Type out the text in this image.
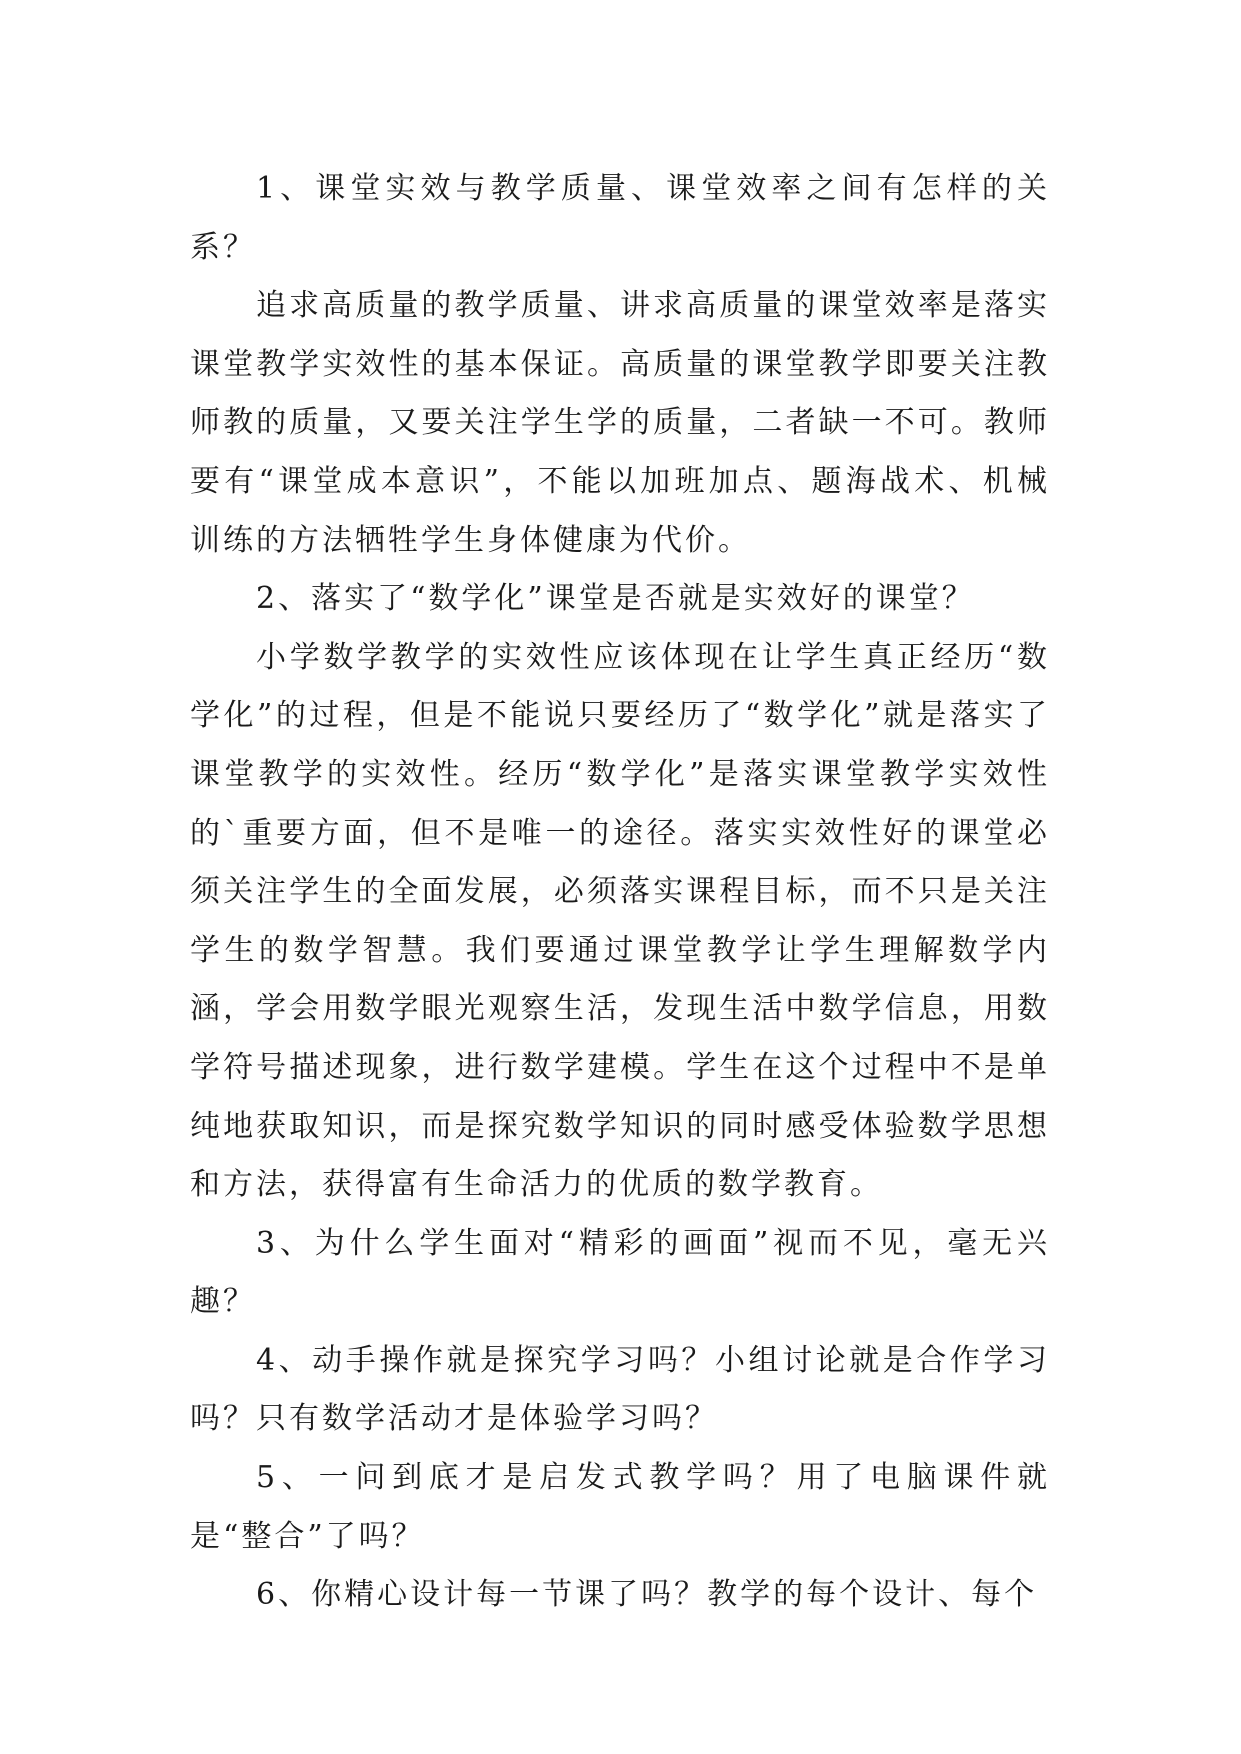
1、课堂实效与教学质量、课堂效率之间有怎样的关系？

追求高质量的教学质量、讲求高质量的课堂效率是落实课堂教学实效性的基本保证。高质量的课堂教学即要关注教师教的质量，又要关注学生学的质量，二者缺一不可。教师要有“课堂成本意识”，不能以加班加点、题海战术、机械训练的方法牺牲学生身体健康为代价。

2、落实了“数学化”课堂是否就是实效好的课堂？

小学数学教学的实效性应该体现在让学生真正经历“数学化”的过程，但是不能说只要经历了“数学化”就是落实了课堂教学的实效性。经历“数学化”是落实课堂教学实效性的`重要方面，但不是唯一的途径。落实实效性好的课堂必须关注学生的全面发展，必须落实课程目标，而不只是关注学生的数学智慧。我们要通过课堂教学让学生理解数学内涵，学会用数学眼光观察生活，发现生活中数学信息，用数学符号描述现象，进行数学建模。学生在这个过程中不是单纯地获取知识，而是探究数学知识的同时感受体验数学思想和方法，获得富有生命活力的优质的数学教育。

3、为什么学生面对“精彩的画面”视而不见，毫无兴趣？

4、动手操作就是探究学习吗？小组讨论就是合作学习吗？只有数学活动才是体验学习吗？

5、一问到底才是启发式教学吗？用了电脑课件就是“整合”了吗？

6、你精心设计每一节课了吗？教学的每个设计、每个
